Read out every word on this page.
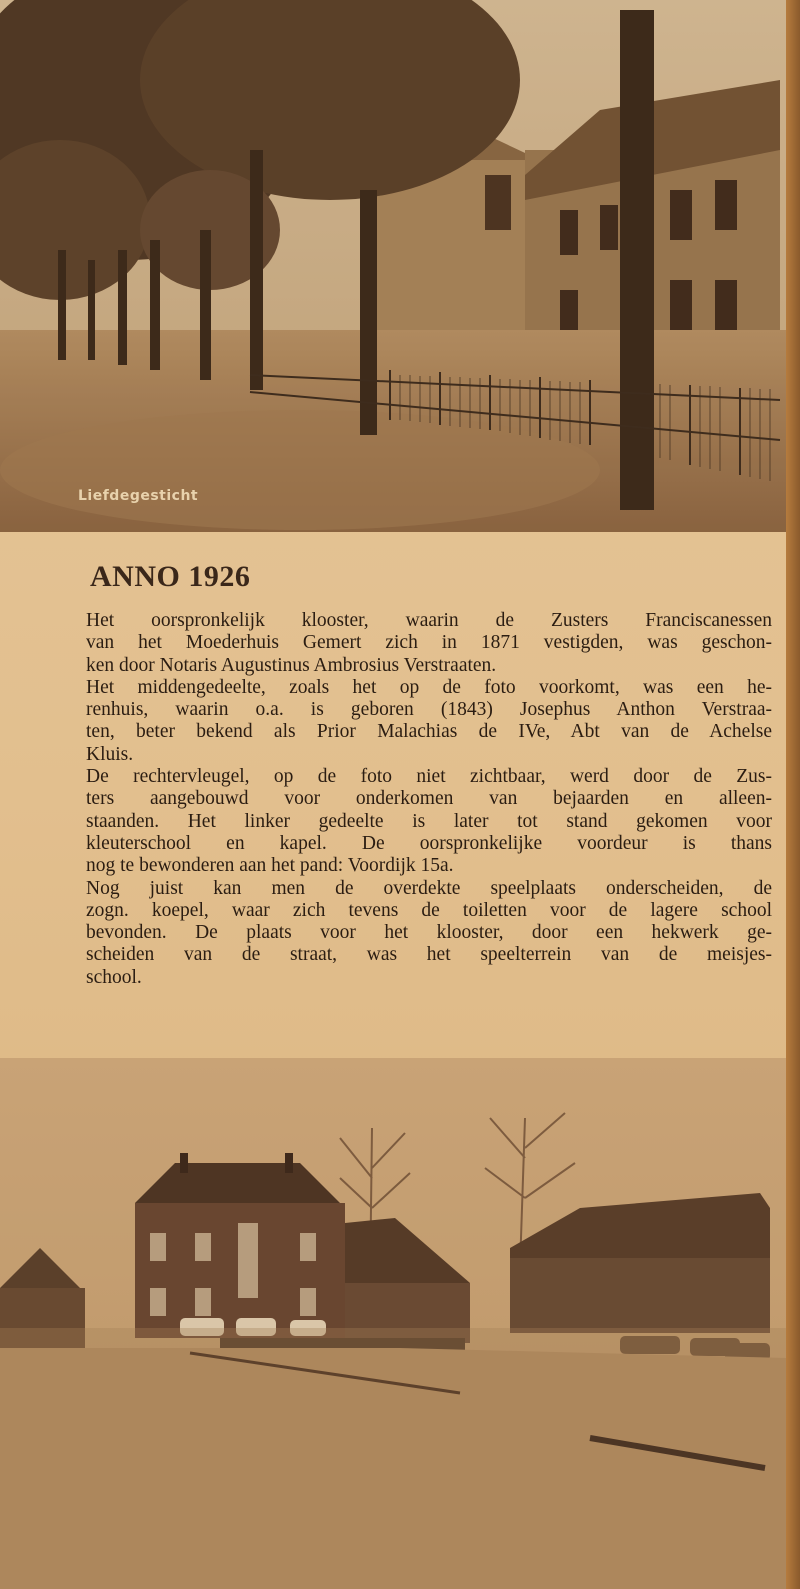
Liefdegesticht
ANNO 1926

Het oorspronkelijk klooster, waarin de Zusters Franciscanessen
van het Moederhuis Gemert zich in 1871 vestigden, was geschon-
ken door Notaris Augustinus Ambrosius Verstraaten.

Het middengedeelte, zoals het op de foto voorkomt, was een he-
renhuis, waarin o.a. is geboren (1843) Josephus Anthon Verstraa-
ten, beter bekend als Prior Malachias de IVe, Abt van de Achelse
Kluis.

De rechtervleugel, op de foto niet zichtbaar, werd door de Zus-
ters aangebouwd voor onderkomen van bejaarden en alleen-
staanden. Het linker gedeelte is later tot stand gekomen voor
kleuterschool en kapel. De oorspronkelijke voordeur is thans
nog te bewonderen aan het pand: Voordijk 15a.

Nog juist kan men de overdekte speelplaats onderscheiden, de
zogn. koepel, waar zich tevens de toiletten voor de lagere school
bevonden. De plaats voor het klooster, door een hekwerk ge-
scheiden van de straat, was het speelterrein van de meisjes-
school.
